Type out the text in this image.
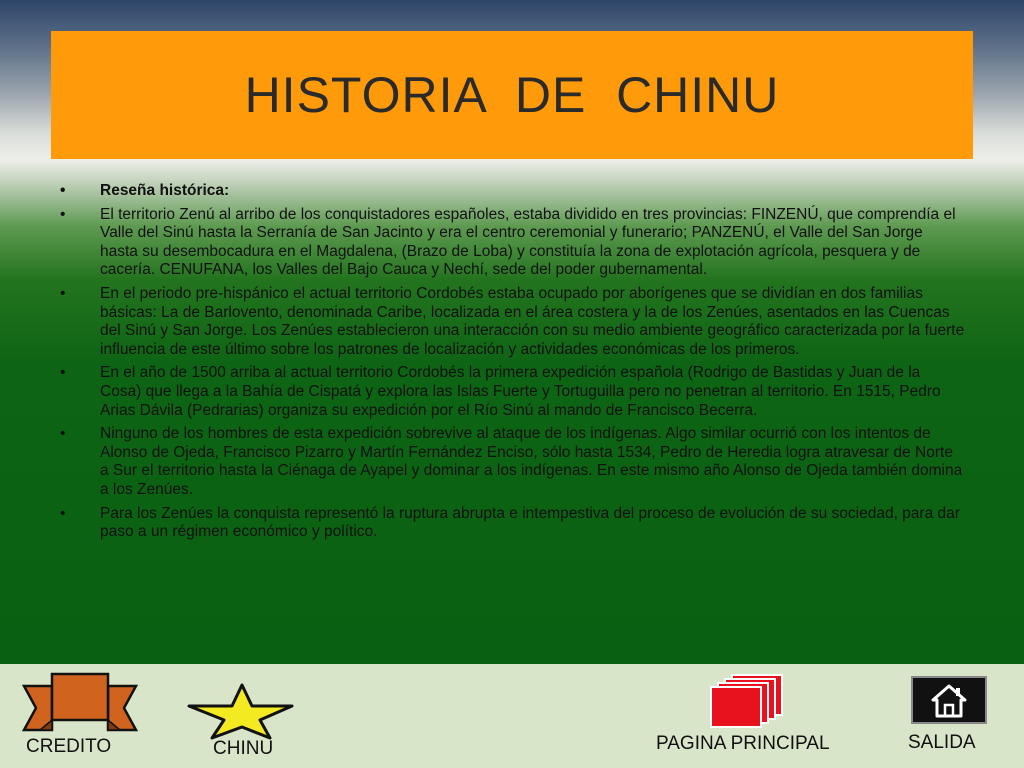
HISTORIA  DE  CHINU
• Reseña histórica:
• El territorio Zenú al arribo de los conquistadores españoles, estaba dividido en tres provincias: FINZENÚ, que comprendía el Valle del Sinú hasta la Serranía de San Jacinto y era el centro ceremonial y funerario; PANZENÚ, el Valle del San Jorge hasta su desembocadura en el Magdalena, (Brazo de Loba) y constituía la zona de explotación agrícola, pesquera y de cacería. CENUFANA, los Valles del Bajo Cauca y Nechí, sede del poder gubernamental.
• En el periodo pre-hispánico el actual territorio Cordobés estaba ocupado por aborígenes que se dividían en dos familias básicas: La de Barlovento, denominada Caribe, localizada en el área costera y la de los Zenúes, asentados en las Cuencas del Sinú y San Jorge. Los Zenúes establecieron una interacción con su medio ambiente geográfico caracterizada por la fuerte influencia de este último sobre los patrones de localización y actividades económicas de los primeros.
• En el año de 1500 arriba al actual territorio Cordobés la primera expedición española (Rodrigo de Bastidas y Juan de la Cosa) que llega a la Bahía de Cispatá y explora las Islas Fuerte y Tortuguilla pero no penetran al territorio. En 1515, Pedro Arias Dávila (Pedrarias) organiza su expedición por el Río Sinú al mando de Francisco Becerra.
• Ninguno de los hombres de esta expedición sobrevive al ataque de los indígenas. Algo similar ocurrió con los intentos de Alonso de Ojeda, Francisco Pizarro y Martín Fernández Enciso, sólo hasta 1534, Pedro de Heredia logra atravesar de Norte a Sur el territorio hasta la Ciénaga de Ayapel y dominar a los indígenas. En este mismo año Alonso de Ojeda también domina a los Zenúes.
• Para los Zenúes la conquista representó la ruptura abrupta e intempestiva del proceso de evolución de su sociedad, para dar paso a un régimen económico y político.
CREDITO	CHINU	PAGINA PRINCIPAL	SALIDA
